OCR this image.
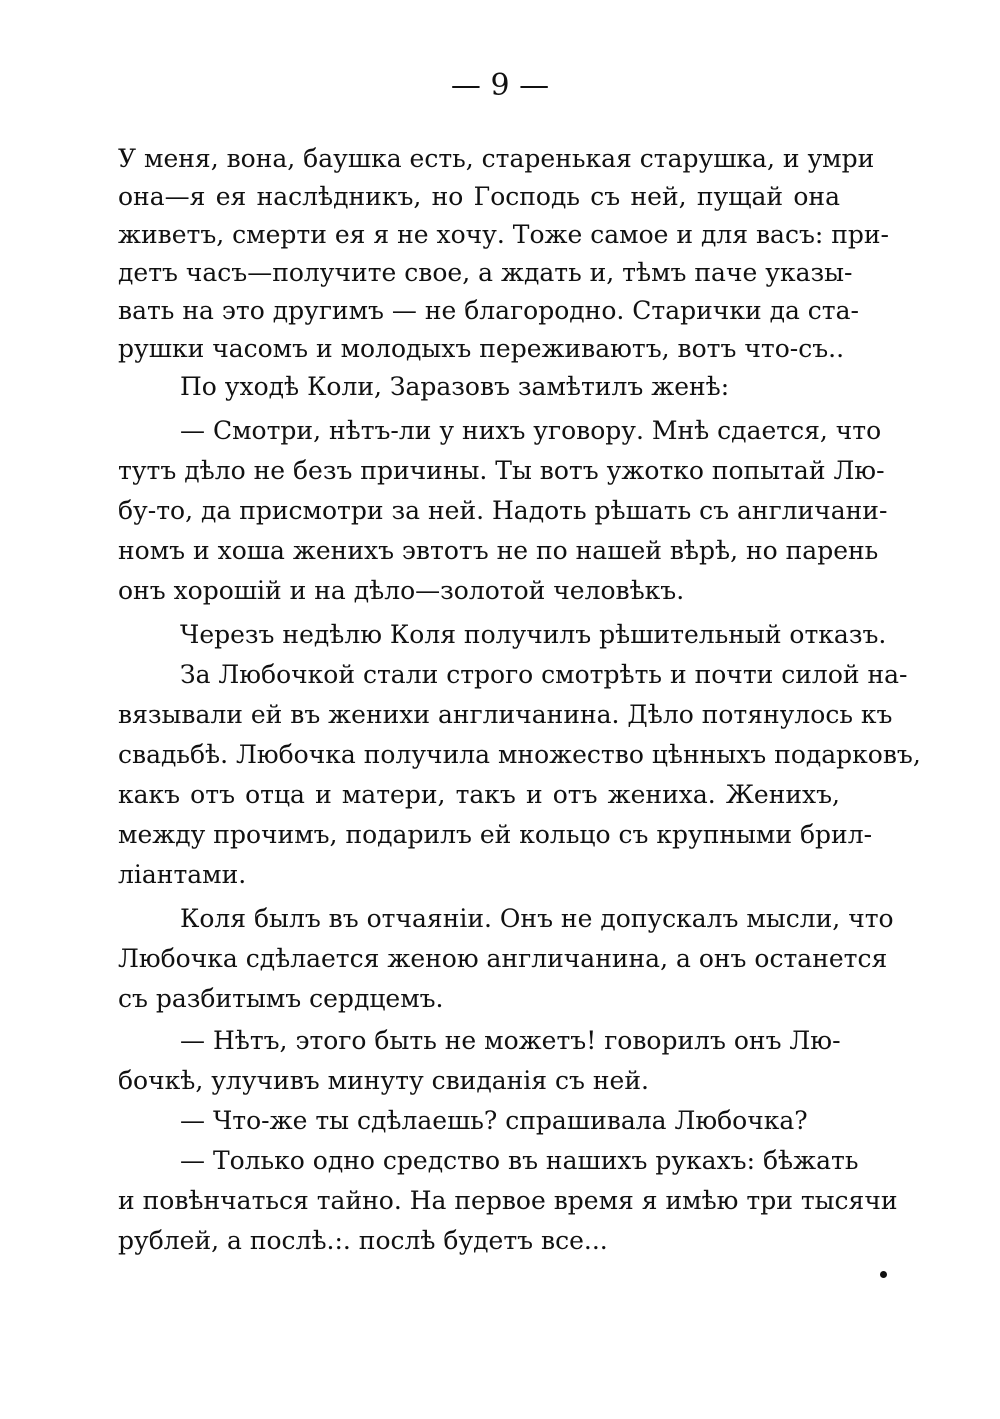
— 9 —
У меня, вона, баушка есть, старенькая старушка, и умри
она—я ея наслѣдникъ, но Господь съ ней, пущай она
живетъ, смерти ея я не хочу. Тоже самое и для васъ: при-
детъ часъ—получите свое, а ждать и, тѣмъ паче указы-
вать на это другимъ — не благородно. Старички да ста-
рушки часомъ и молодыхъ переживаютъ, вотъ что-съ..
По уходѣ Коли, Заразовъ замѣтилъ женѣ:
— Смотри, нѣтъ-ли у нихъ уговору. Мнѣ сдается, что
тутъ дѣло не безъ причины. Ты вотъ ужотко попытай Лю-
бу-то, да присмотри за ней. Надоть рѣшать съ англичани-
номъ и хоша женихъ эвтотъ не по нашей вѣрѣ, но парень
онъ хорошій и на дѣло—золотой человѣкъ.
Черезъ недѣлю Коля получилъ рѣшительный отказъ.
За Любочкой стали строго смотрѣть и почти силой на-
вязывали ей въ женихи англичанина. Дѣло потянулось къ
свадьбѣ. Любочка получила множество цѣнныхъ подарковъ,
какъ отъ отца и матери, такъ и отъ жениха. Женихъ,
между прочимъ, подарилъ ей кольцо съ крупными брил-
ліантами.
Коля былъ въ отчаяніи. Онъ не допускалъ мысли, что
Любочка сдѣлается женою англичанина, а онъ останется
съ разбитымъ сердцемъ.
— Нѣтъ, этого быть не можетъ! говорилъ онъ Лю-
бочкѣ, улучивъ минуту свиданія съ ней.
— Что-же ты сдѣлаешь? спрашивала Любочка?
— Только одно средство въ нашихъ рукахъ: бѣжать
и повѣнчаться тайно. На первое время я имѣю три тысячи
рублей, а послѣ.:. послѣ будетъ все...
